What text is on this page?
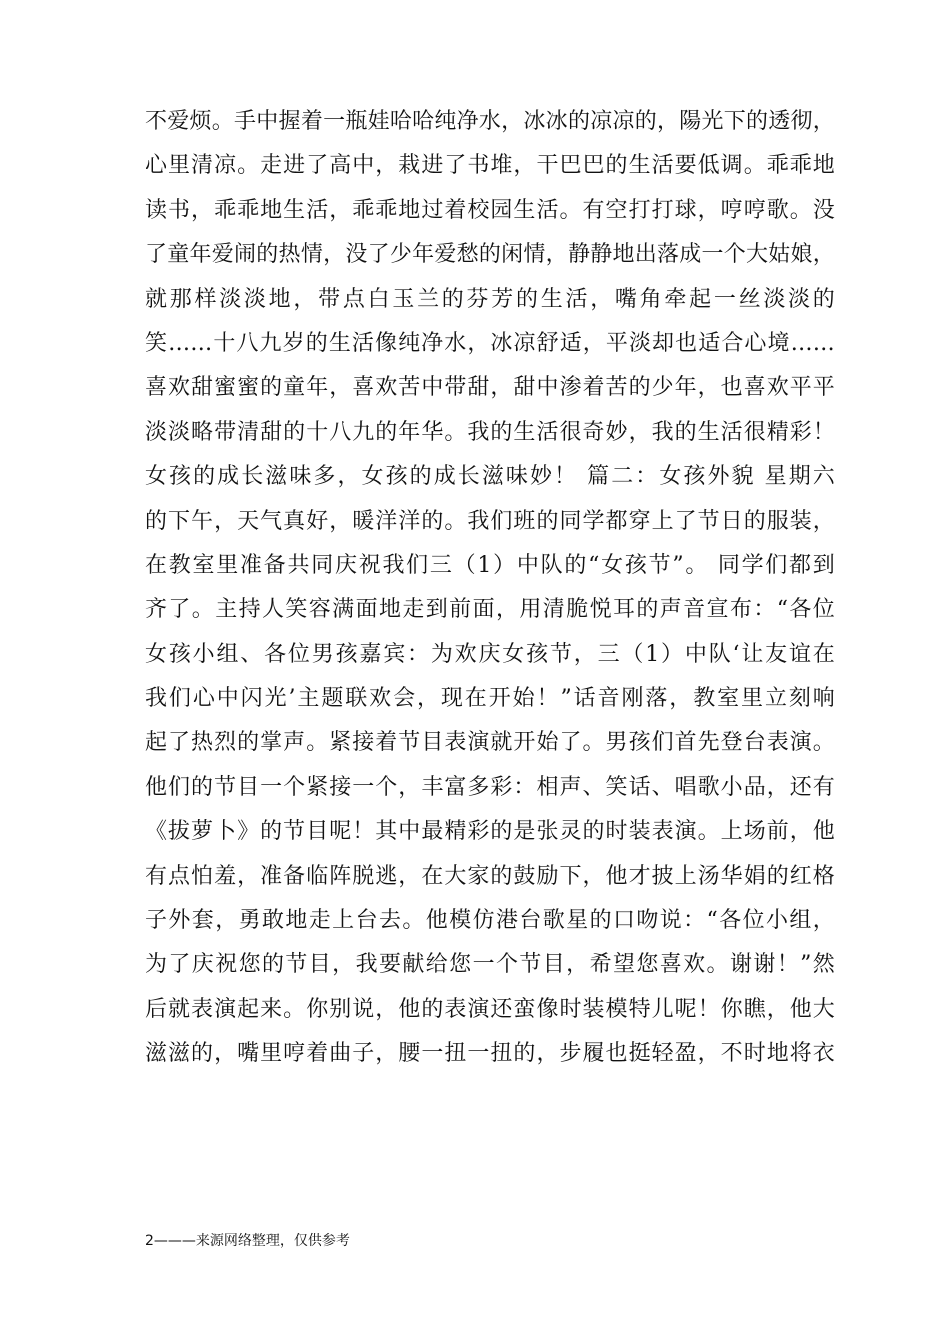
不爱烦。手中握着一瓶娃哈哈纯净水，冰冰的凉凉的，陽光下的透彻，
心里清凉。走进了高中，栽进了书堆，干巴巴的生活要低调。乖乖地
读书，乖乖地生活，乖乖地过着校园生活。有空打打球，哼哼歌。没
了童年爱闹的热情，没了少年爱愁的闲情，静静地出落成一个大姑娘，
就那样淡淡地，带点白玉兰的芬芳的生活，嘴角牵起一丝淡淡的
笑……十八九岁的生活像纯净水，冰凉舒适，平淡却也适合心境……
喜欢甜蜜蜜的童年，喜欢苦中带甜，甜中渗着苦的少年，也喜欢平平
淡淡略带清甜的十八九的年华。我的生活很奇妙，我的生活很精彩！
女孩的成长滋味多，女孩的成长滋味妙！ 篇二：女孩外貌 星期六
的下午，天气真好，暖洋洋的。我们班的同学都穿上了节日的服装，
在教室里准备共同庆祝我们三（1）中队的“女孩节”。 同学们都到
齐了。主持人笑容满面地走到前面，用清脆悦耳的声音宣布：“各位
女孩小组、各位男孩嘉宾：为欢庆女孩节，三（1）中队‘让友谊在
我们心中闪光’主题联欢会，现在开始！”话音刚落，教室里立刻响
起了热烈的掌声。紧接着节目表演就开始了。男孩们首先登台表演。
他们的节目一个紧接一个，丰富多彩：相声、笑话、唱歌小品，还有
《拔萝卜》的节目呢！其中最精彩的是张灵的时装表演。上场前，他
有点怕羞，准备临阵脱逃，在大家的鼓励下，他才披上汤华娟的红格
子外套，勇敢地走上台去。他模仿港台歌星的口吻说：“各位小组，
为了庆祝您的节目，我要献给您一个节目，希望您喜欢。谢谢！”然
后就表演起来。你别说，他的表演还蛮像时装模特儿呢！你瞧，他大
滋滋的，嘴里哼着曲子，腰一扭一扭的，步履也挺轻盈，不时地将衣
2———来源网络整理，仅供参考
